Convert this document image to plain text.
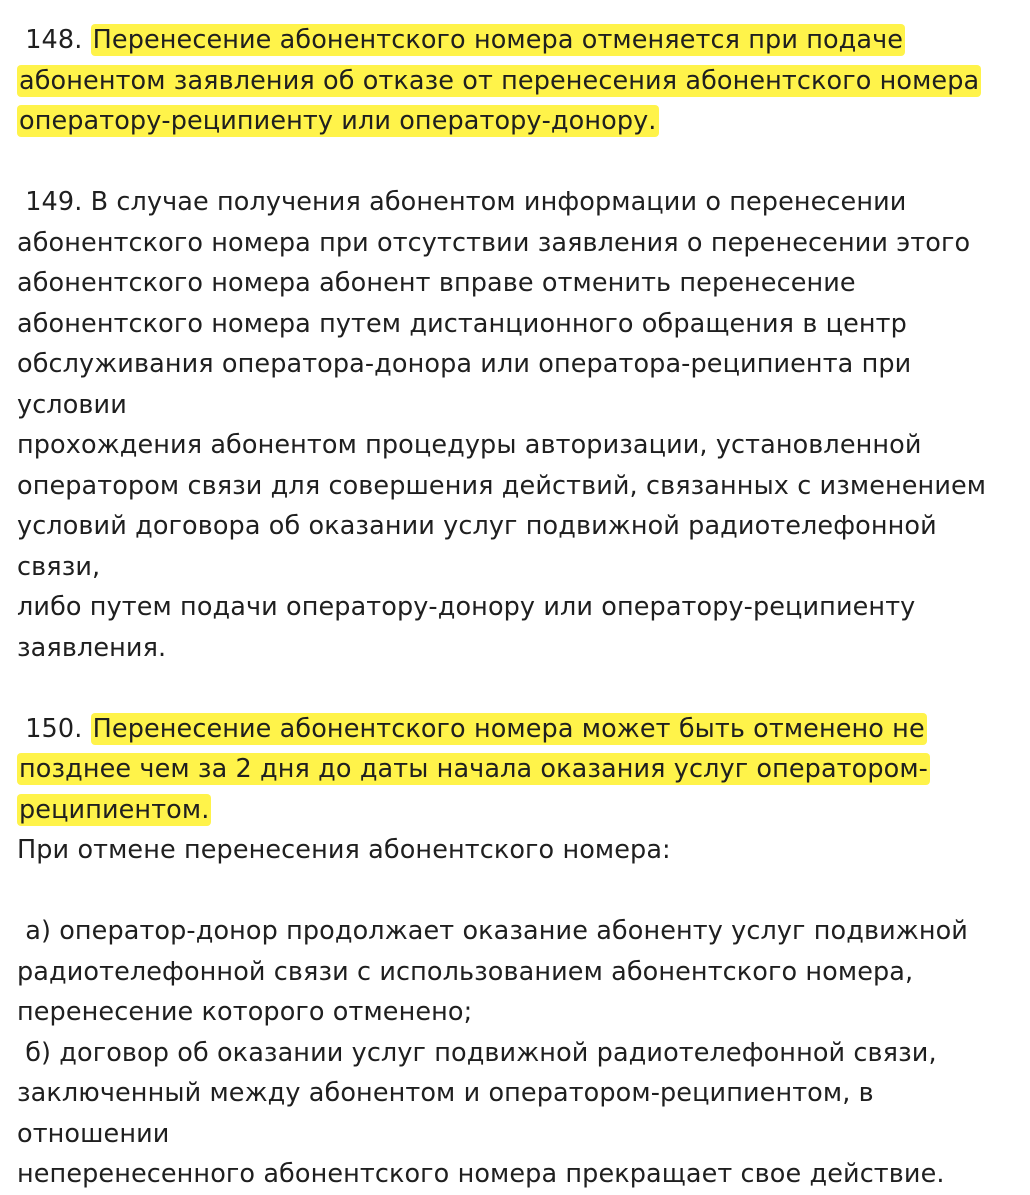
148. Перенесение абонентского номера отменяется при подаче абонентом заявления об отказе от перенесения абонентского номера оператору-реципиенту или оператору-донору.

149. В случае получения абонентом информации о перенесении
абонентского номера при отсутствии заявления о перенесении этого
абонентского номера абонент вправе отменить перенесение
абонентского номера путем дистанционного обращения в центр
обслуживания оператора-донора или оператора-реципиента при условии
прохождения абонентом процедуры авторизации, установленной
оператором связи для совершения действий, связанных с изменением
условий договора об оказании услуг подвижной радиотелефонной связи,
либо путем подачи оператору-донору или оператору-реципиенту
заявления.

150. Перенесение абонентского номера может быть отменено не позднее чем за 2 дня до даты начала оказания услуг оператором-реципиентом.
При отмене перенесения абонентского номера:

а) оператор-донор продолжает оказание абоненту услуг подвижной
радиотелефонной связи с использованием абонентского номера,
перенесение которого отменено;
б) договор об оказании услуг подвижной радиотелефонной связи,
заключенный между абонентом и оператором-реципиентом, в отношении
неперенесенного абонентского номера прекращает свое действие.
